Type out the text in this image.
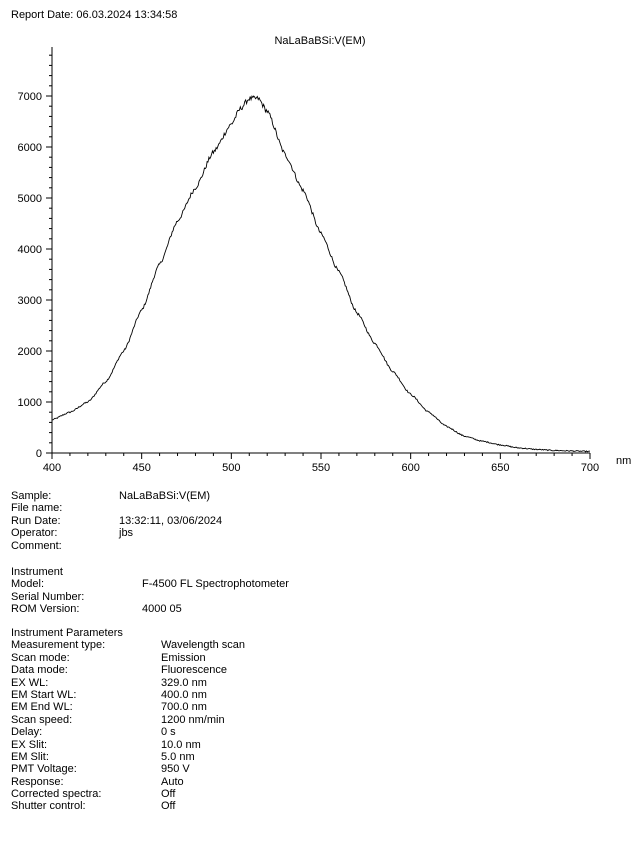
Report Date: 06.03.2024 13:34:58
NaLaBaBSi:V(EM)
0
1000
2000
3000
4000
5000
6000
7000
400	450	500	550	600	650	700
nm
Sample:	NaLaBaBSi:V(EM)
File name:
Run Date:	13:32:11, 03/06/2024
Operator:	jbs
Comment:
Instrument
Model:	F-4500 FL Spectrophotometer
Serial Number:
ROM Version:	4000 05
Instrument Parameters
Measurement type:	Wavelength scan
Scan mode:	Emission
Data mode:	Fluorescence
EX WL:	329.0 nm
EM Start WL:	400.0 nm
EM End WL:	700.0 nm
Scan speed:	1200 nm/min
Delay:	0 s
EX Slit:	10.0 nm
EM Slit:	5.0 nm
PMT Voltage:	950 V
Response:	Auto
Corrected spectra:	Off
Shutter control:	Off
